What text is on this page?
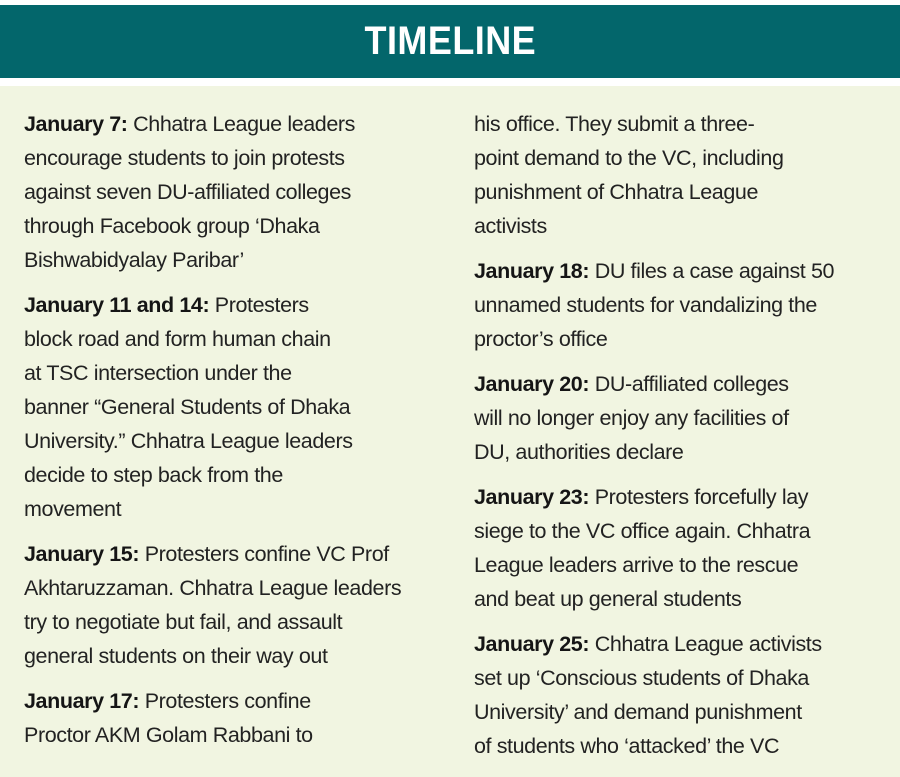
TIMELINE
January 7: Chhatra League leaders
encourage students to join protests
against seven DU-affiliated colleges
through Facebook group ‘Dhaka
Bishwabidyalay Paribar’
January 11 and 14: Protesters
block road and form human chain
at TSC intersection under the
banner “General Students of Dhaka
University.” Chhatra League leaders
decide to step back from the
movement
January 15: Protesters confine VC Prof
Akhtaruzzaman. Chhatra League leaders
try to negotiate but fail, and assault
general students on their way out
January 17: Protesters confine
Proctor AKM Golam Rabbani to
his office. They submit a three-
point demand to the VC, including
punishment of Chhatra League
activists
January 18: DU files a case against 50
unnamed students for vandalizing the
proctor’s office
January 20: DU-affiliated colleges
will no longer enjoy any facilities of
DU, authorities declare
January 23: Protesters forcefully lay
siege to the VC office again. Chhatra
League leaders arrive to the rescue
and beat up general students
January 25: Chhatra League activists
set up ‘Conscious students of Dhaka
University’ and demand punishment
of students who ‘attacked’ the VC
